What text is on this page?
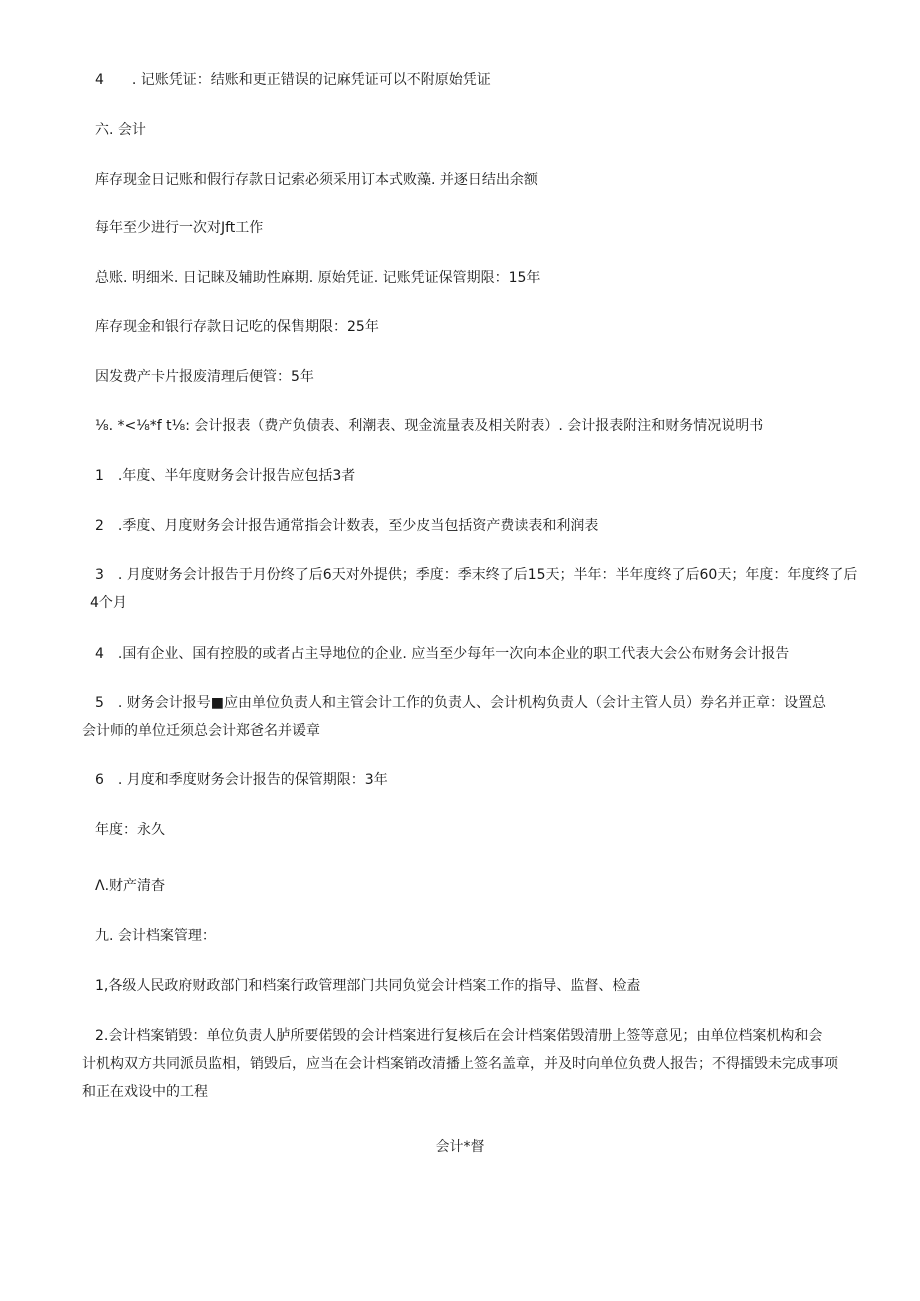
4　　. 记账凭证：结账和更正错误的记麻凭证可以不附原始凭证

六. 会计

库存现金日记账和假行存款日记索必须采用订本式败藻. 并逐日结出余额

每年至少进行一次对Jft工作

总账. 明细米. 日记睐及辅助性麻期. 原始凭证. 记账凭证保管期限：15年

库存现金和银行存款日记吃的保售期限：25年

因发费产卡片报废清理后便管：5年

⅛. *<⅛*f t⅛: 会计报表（费产负债表、利潮表、现金流量表及相关附表）. 会计报表附注和财务情况说明书

1　.年度、半年度财务会计报告应包括3者

2　.季度、月度财务会计报告通常指会计数表，至少皮当包括资产费读表和利润表

3　. 月度财务会计报告于月份终了后6天对外提供；季度：季末终了后15天；半年：半年度终了后60天；年度：年度终了后

4个月

4　.国有企业、国有控股的或者占主导地位的企业. 应当至少每年一次向本企业的职工代表大会公布财务会计报告

5　. 财务会计报号■应由单位负责人和主管会计工作的负责人、会计机构负责人（会计主管人员）券名并正章：设置总

会计师的单位迁须总会计郑爸名并谖章

6　. 月度和季度财务会计报告的保管期限：3年

年度：永久

Λ.财产清杳

九. 会计档案管理：

1,各级人民政府财政部门和档案行政管理部门共同负觉会计档案工作的指导、监督、检盍

2.会计档案销毁：单位负责人胪所要偌毁的会计档案进行复核后在会计档案偌毁清册上签等意见；由单位档案机构和会

计机构双方共同派员监相，销毁后，应当在会计档案销改清播上签名盖章，并及时向单位负费人报告；不得擂毁未完成事项

和正在戏设中的工程

会计*督
